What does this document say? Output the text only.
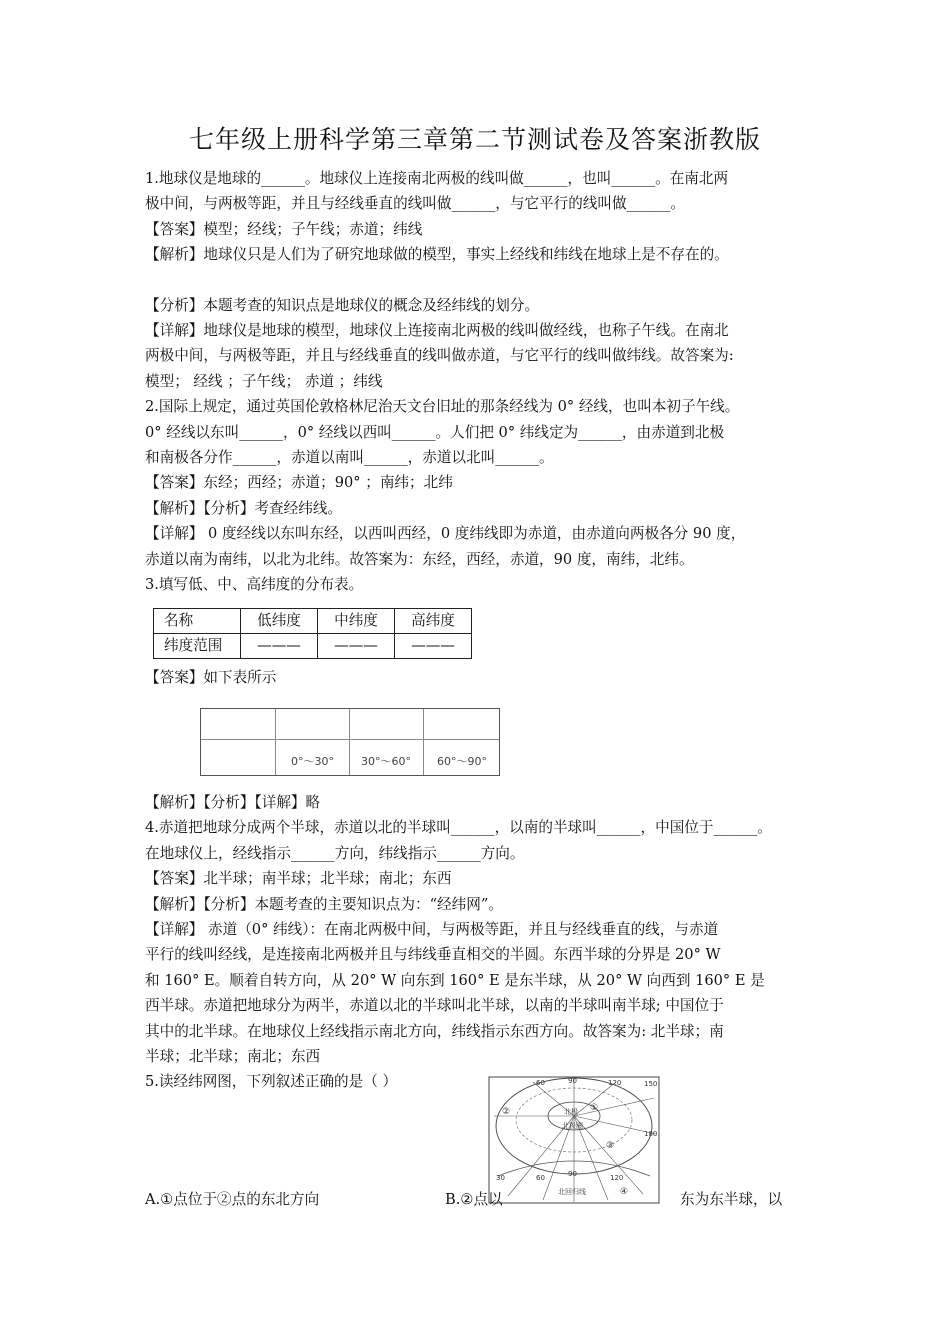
七年级上册科学第三章第二节测试卷及答案浙教版

1.地球仪是地球的______。地球仪上连接南北两极的线叫做______，也叫______。在南北两

极中间，与两极等距，并且与经线垂直的线叫做______，与它平行的线叫做______。

【答案】模型；经线；子午线；赤道；纬线

【解析】地球仪只是人们为了研究地球做的模型，事实上经线和纬线在地球上是不存在的。

【分析】本题考查的知识点是地球仪的概念及经纬线的划分。

【详解】地球仪是地球的模型，地球仪上连接南北两极的线叫做经线，也称子午线。在南北

两极中间，与两极等距，并且与经线垂直的线叫做赤道，与它平行的线叫做纬线。故答案为:

模型； 经线 ；子午线； 赤道 ；纬线

2.国际上规定，通过英国伦敦格林尼治天文台旧址的那条经线为 0° 经线，也叫本初子午线。

0° 经线以东叫______，0° 经线以西叫______。人们把 0° 纬线定为______，由赤道到北极

和南极各分作______，赤道以南叫______，赤道以北叫______。

【答案】东经；西经；赤道；90° ；南纬；北纬

【解析】【分析】考查经纬线。

【详解】 0 度经线以东叫东经，以西叫西经，0 度纬线即为赤道，由赤道向两极各分 90 度，

赤道以南为南纬，以北为北纬。故答案为：东经，西经，赤道，90 度，南纬，北纬。

3.填写低、中、高纬度的分布表。

名称	低纬度	中纬度	高纬度
纬度范围	———	———	———

【答案】如下表所示

0°～30° 30°～60° 60°～90°

【解析】【分析】【详解】略

4.赤道把地球分成两个半球，赤道以北的半球叫______，以南的半球叫______，中国位于______。

在地球仪上，经线指示______方向，纬线指示______方向。

【答案】北半球；南半球；北半球；南北；东西

【解析】【分析】本题考查的主要知识点为：“经纬网”。

【详解】 赤道（0° 纬线）：在南北两极中间，与两极等距，并且与经线垂直的线，与赤道

平行的线叫经线，是连接南北两极并且与纬线垂直相交的半圆。东西半球的分界是 20° W

和 160° E。顺着自转方向，从 20° W 向东到 160° E 是东半球，从 20° W 向西到 160° E 是

西半球。赤道把地球分为两半，赤道以北的半球叫北半球，以南的半球叫南半球; 中国位于

其中的北半球。在地球仪上经线指示南北方向，纬线指示东西方向。故答案为: 北半球；南

半球；北半球；南北；东西

5.读经纬网图，下列叙述正确的是（ ）	60	90	120	150
180
30	60	90	120
北极
北极圈
北回归线
①
②
③
④
A.①点位于②点的东北方向	B.②点以	东为东半球，以
